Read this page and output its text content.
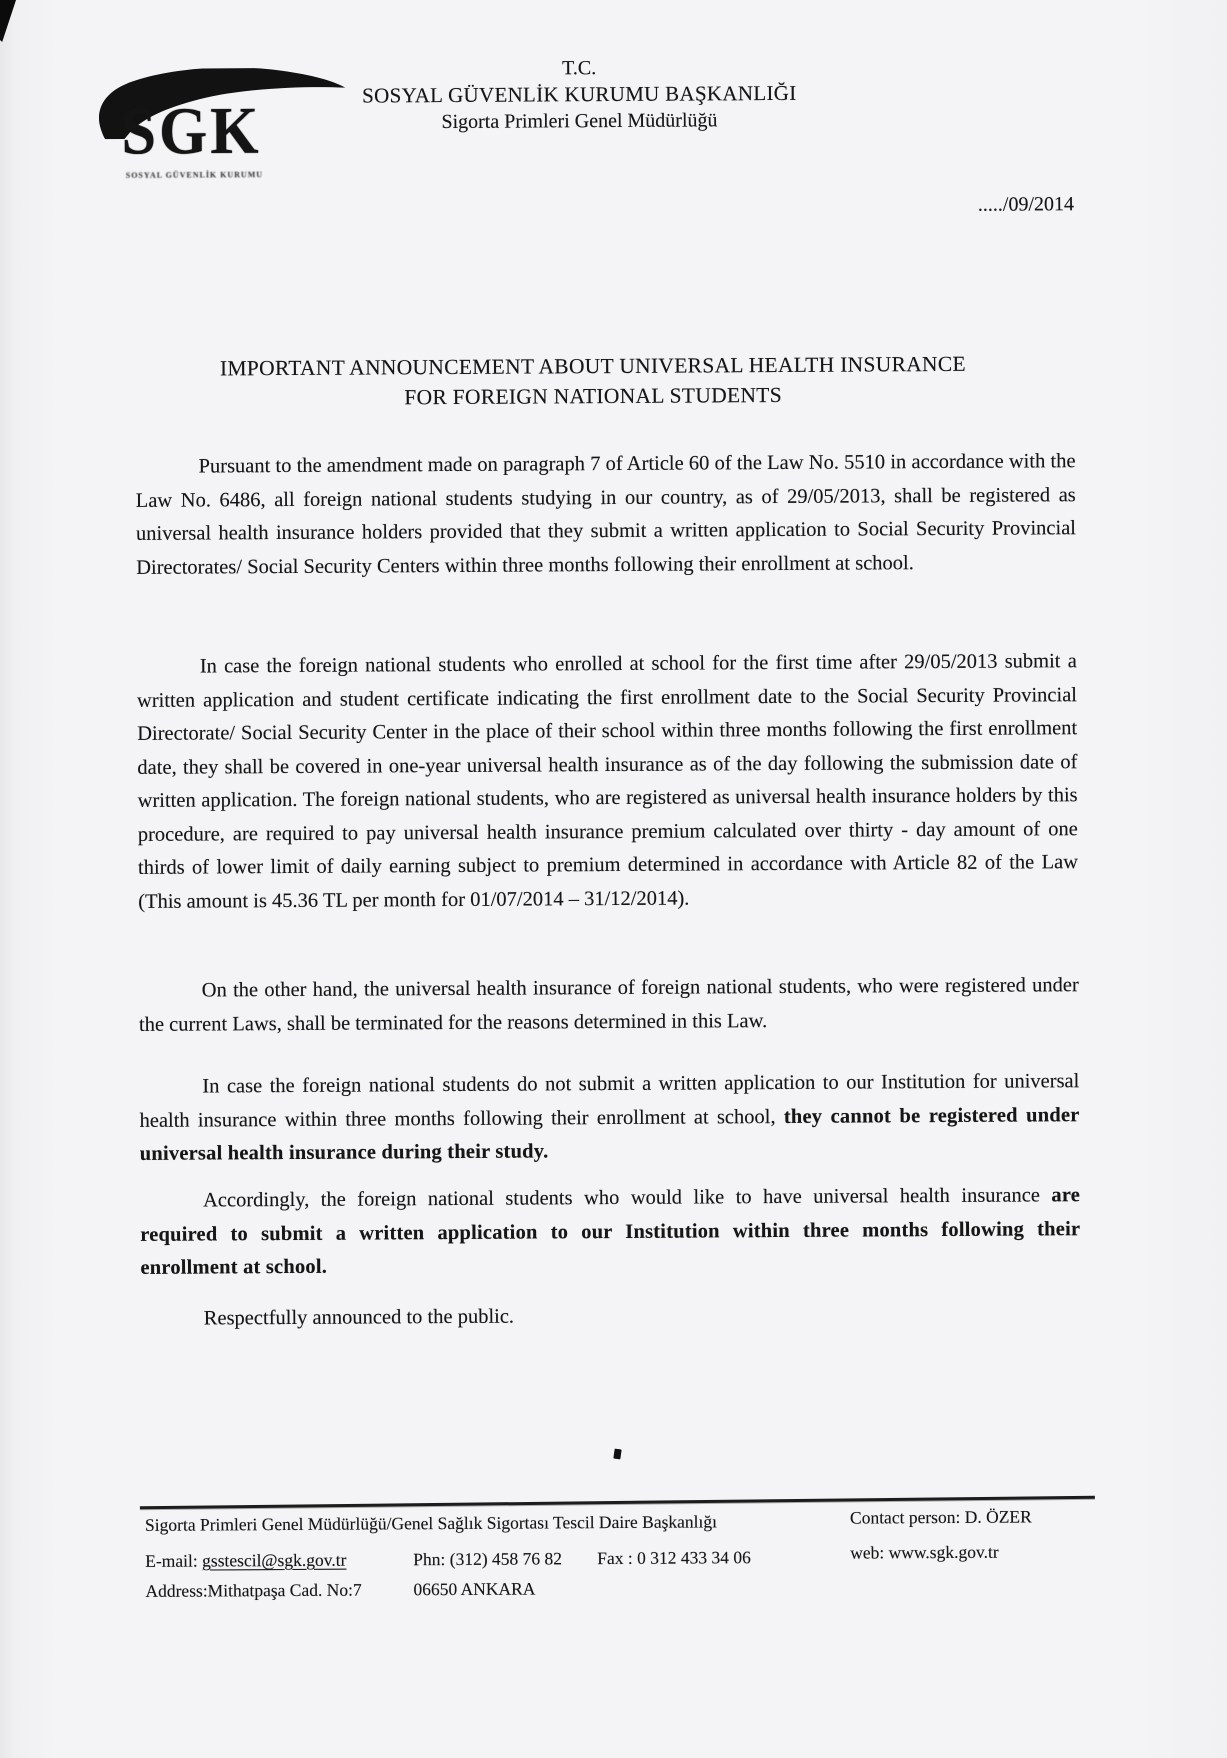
SGK
SOSYAL GÜVENLİK KURUMU
T.C.
SOSYAL GÜVENLİK KURUMU BAŞKANLIĞI
Sigorta Primleri Genel Müdürlüğü
...../09/2014
IMPORTANT ANNOUNCEMENT ABOUT UNIVERSAL HEALTH INSURANCE
FOR FOREIGN NATIONAL STUDENTS

Pursuant to the amendment made on paragraph 7 of Article 60 of the Law No. 5510 in accordance with the Law No. 6486, all foreign national students studying in our country, as of 29/05/2013, shall be registered as universal health insurance holders provided that they submit a written application to Social Security Provincial Directorates/ Social Security Centers within three months following their enrollment at school.

In case the foreign national students who enrolled at school for the first time after 29/05/2013 submit a written application and student certificate indicating the first enrollment date to the Social Security Provincial Directorate/ Social Security Center in the place of their school within three months following the first enrollment date, they shall be covered in one-year universal health insurance as of the day following the submission date of written application. The foreign national students, who are registered as universal health insurance holders by this procedure, are required to pay universal health insurance premium calculated over thirty - day amount of one thirds of lower limit of daily earning subject to premium determined in accordance with Article 82 of the Law (This amount is 45.36 TL per month for 01/07/2014 – 31/12/2014).

On the other hand, the universal health insurance of foreign national students, who were registered under the current Laws, shall be terminated for the reasons determined in this Law.

In case the foreign national students do not submit a written application to our Institution for universal health insurance within three months following their enrollment at school, they cannot be registered under universal health insurance during their study.

Accordingly, the foreign national students who would like to have universal health insurance are required to submit a written application to our Institution within three months following their enrollment at school.

Respectfully announced to the public.

Sigorta Primleri Genel Müdürlüğü/Genel Sağlık Sigortası Tescil Daire Başkanlığı	Contact person: D. ÖZER
E-mail: gsstescil@sgk.gov.tr	Phn: (312) 458 76 82 Fax : 0 312 433 34 06	web: www.sgk.gov.tr
Address:Mithatpaşa Cad. No:7	06650 ANKARA
